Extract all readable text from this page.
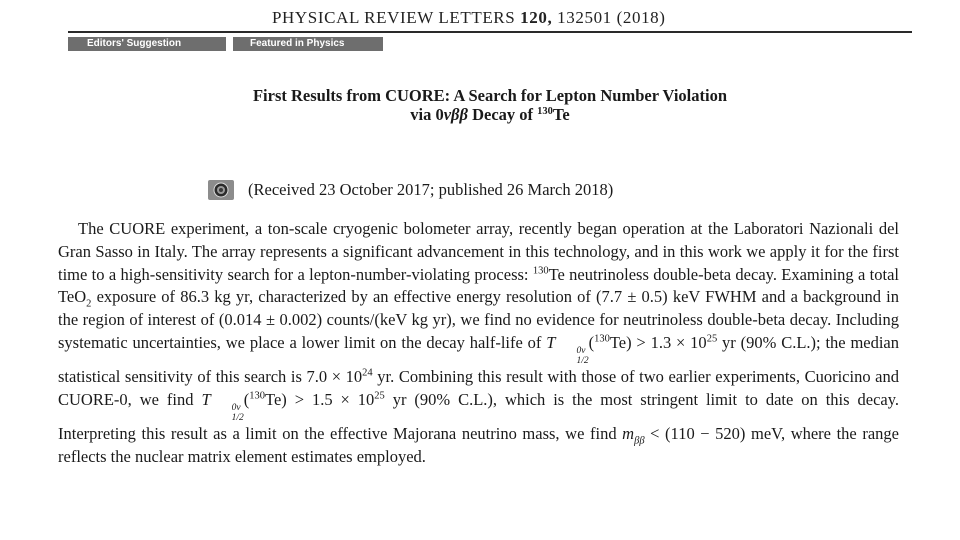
PHYSICAL REVIEW LETTERS 120, 132501 (2018)
Editors' Suggestion	Featured in Physics
First Results from CUORE: A Search for Lepton Number Violation
via 0νββ Decay of $^{130}$Te
(Received 23 October 2017; published 26 March 2018)
The CUORE experiment, a ton-scale cryogenic bolometer array, recently began operation at the Laboratori Nazionali del Gran Sasso in Italy. The array represents a significant advancement in this technology, and in this work we apply it for the first time to a high-sensitivity search for a lepton-number-violating process: $^{130}$Te neutrinoless double-beta decay. Examining a total TeO$_2$ exposure of 86.3 kg yr, characterized by an effective energy resolution of (7.7 ± 0.5) keV FWHM and a background in the region of interest of (0.014 ± 0.002) counts/(keV kg yr), we find no evidence for neutrinoless double-beta decay. Including systematic uncertainties, we place a lower limit on the decay half-life of T	0ν
1/2
$(^{130}Te) > 1.3 \times 10^{25}$ yr (90% C.L.); the median statistical sensitivity of this search is $7.0 \times 10^{24}$ yr. Combining this result with those of two earlier experiments, Cuoricino and CUORE-0, we find T	0ν
1/2
$(^{130}Te) > 1.5 \times 10^{25}$ yr (90% C.L.), which is the most stringent limit to date on this decay. Interpreting this result as a limit on the effective Majorana neutrino mass, we find $m_{\beta\beta} < (110 - 520)$ meV, where the range reflects the nuclear matrix element estimates employed.
